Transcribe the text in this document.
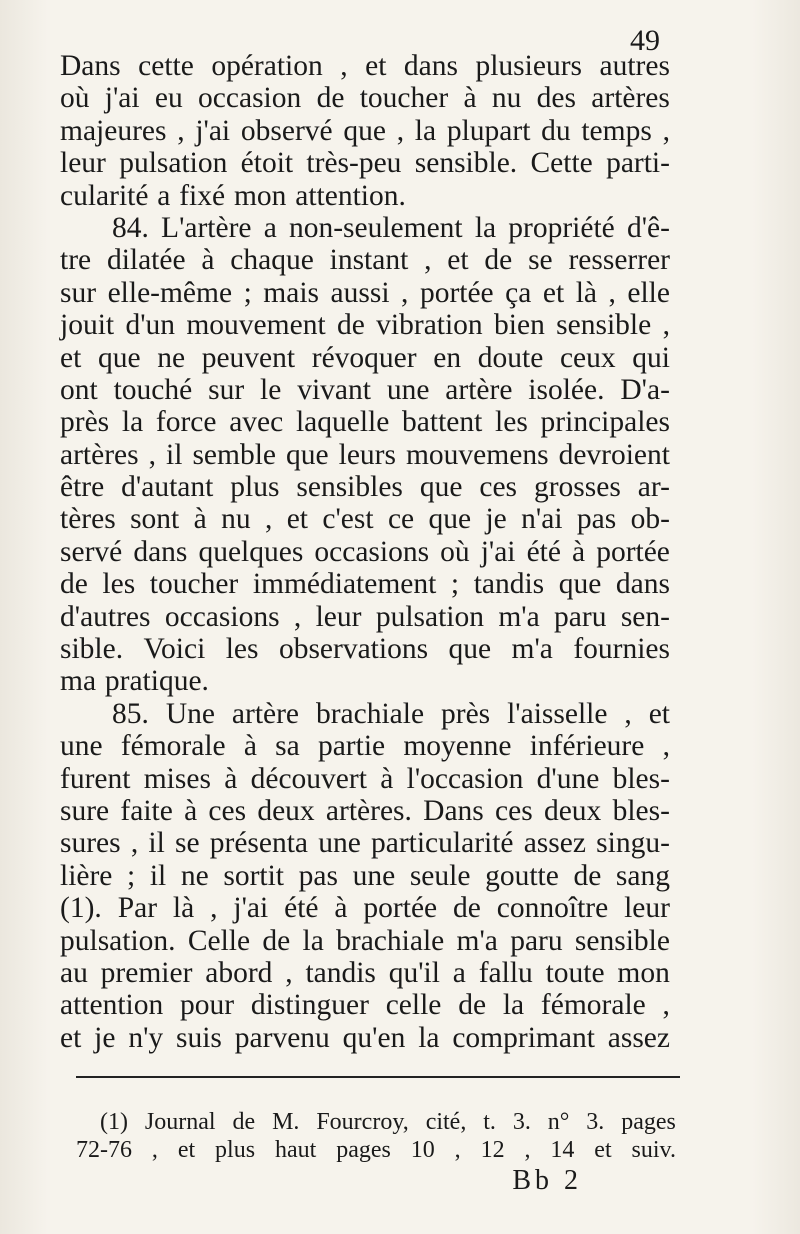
49
Dans cette opération , et dans plusieurs autres
où j'ai eu occasion de toucher à nu des artères
majeures , j'ai observé que , la plupart du temps ,
leur pulsation étoit très-peu sensible. Cette parti-
cularité a fixé mon attention.
84. L'artère a non-seulement la propriété d'ê-
tre dilatée à chaque instant , et de se resserrer
sur elle-même ; mais aussi , portée ça et là , elle
jouit d'un mouvement de vibration bien sensible ,
et que ne peuvent révoquer en doute ceux qui
ont touché sur le vivant une artère isolée. D'a-
près la force avec laquelle battent les principales
artères , il semble que leurs mouvemens devroient
être d'autant plus sensibles que ces grosses ar-
tères sont à nu , et c'est ce que je n'ai pas ob-
servé dans quelques occasions où j'ai été à portée
de les toucher immédiatement ; tandis que dans
d'autres occasions , leur pulsation m'a paru sen-
sible. Voici les observations que m'a fournies
ma pratique.
85. Une artère brachiale près l'aisselle , et
une fémorale à sa partie moyenne inférieure ,
furent mises à découvert à l'occasion d'une bles-
sure faite à ces deux artères. Dans ces deux bles-
sures , il se présenta une particularité assez singu-
lière ; il ne sortit pas une seule goutte de sang
(1). Par là , j'ai été à portée de connoître leur
pulsation. Celle de la brachiale m'a paru sensible
au premier abord , tandis qu'il a fallu toute mon
attention pour distinguer celle de la fémorale ,
et je n'y suis parvenu qu'en la comprimant assez
(1) Journal de M. Fourcroy, cité, t. 3. n° 3. pages
72-76 , et plus haut pages 10 , 12 , 14 et suiv.
Bb 2
